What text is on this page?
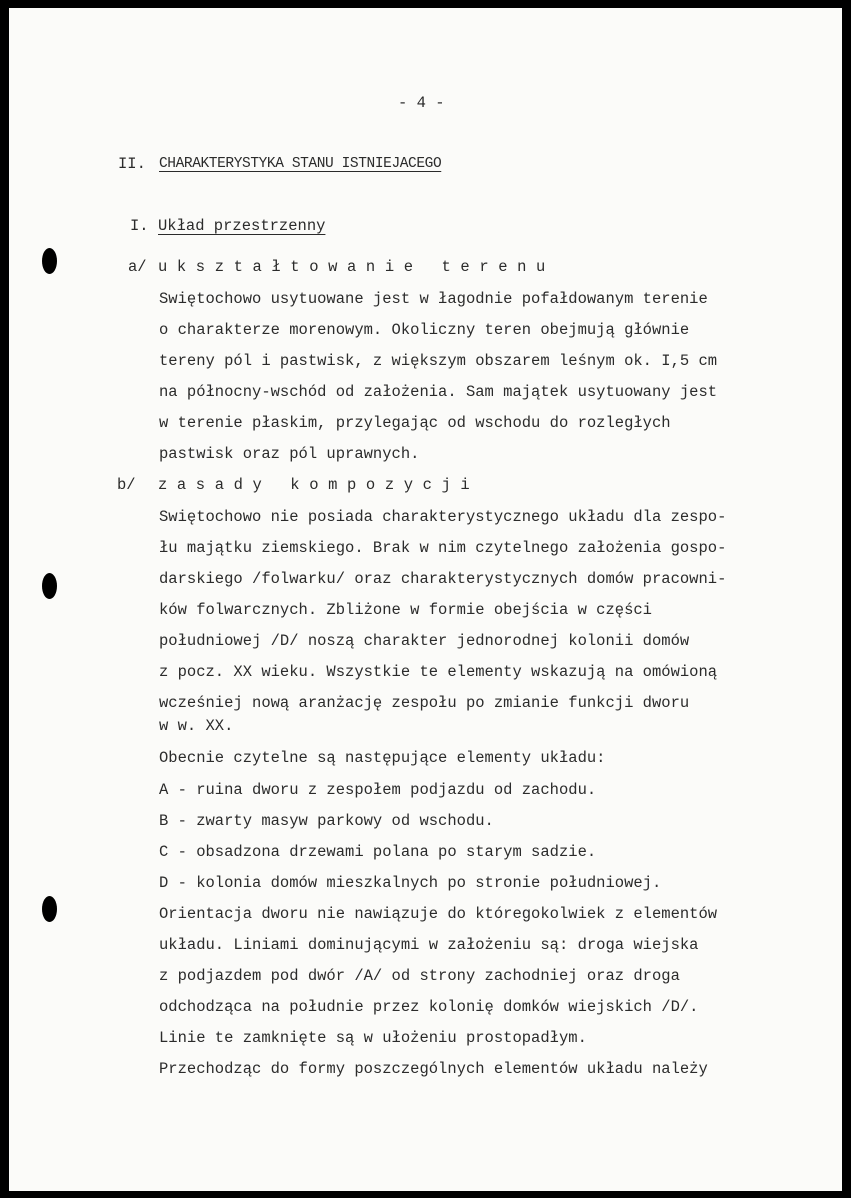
- 4 -
II. CHARAKTERYSTYKA STANU ISTNIEJACEGO
I. Układ przestrzenny
a/ ukształtowanie terenu
Swiętochowo usytuowane jest w łagodnie pofałdowanym terenie
o charakterze morenowym. Okoliczny teren obejmują głównie
tereny pól i pastwisk, z większym obszarem leśnym ok. I,5 cm
na północny-wschód od założenia. Sam majątek usytuowany jest
w terenie płaskim, przylegając od wschodu do rozległych
pastwisk oraz pól uprawnych.
b/ zasady kompozycji
Swiętochowo nie posiada charakterystycznego układu dla zespo-
łu majątku ziemskiego. Brak w nim czytelnego założenia gospo-
darskiego /folwarku/ oraz charakterystycznych domów pracowni-
ków folwarcznych. Zbliżone w formie obejścia w części
południowej /D/ noszą charakter jednorodnej kolonii domów
z pocz. XX wieku. Wszystkie te elementy wskazują na omówioną
wcześniej nową aranżację zespołu po zmianie funkcji dworu
w w. XX.
Obecnie czytelne są następujące elementy układu:
A - ruina dworu z zespołem podjazdu od zachodu.
B - zwarty masyw parkowy od wschodu.
C - obsadzona drzewami polana po starym sadzie.
D - kolonia domów mieszkalnych po stronie południowej.
Orientacja dworu nie nawiązuje do któregokolwiek z elementów
układu. Liniami dominującymi w założeniu są: droga wiejska
z podjazdem pod dwór /A/ od strony zachodniej oraz droga
odchodząca na południe przez kolonię domków wiejskich /D/.
Linie te zamknięte są w ułożeniu prostopadłym.
Przechodząc do formy poszczególnych elementów układu należy
